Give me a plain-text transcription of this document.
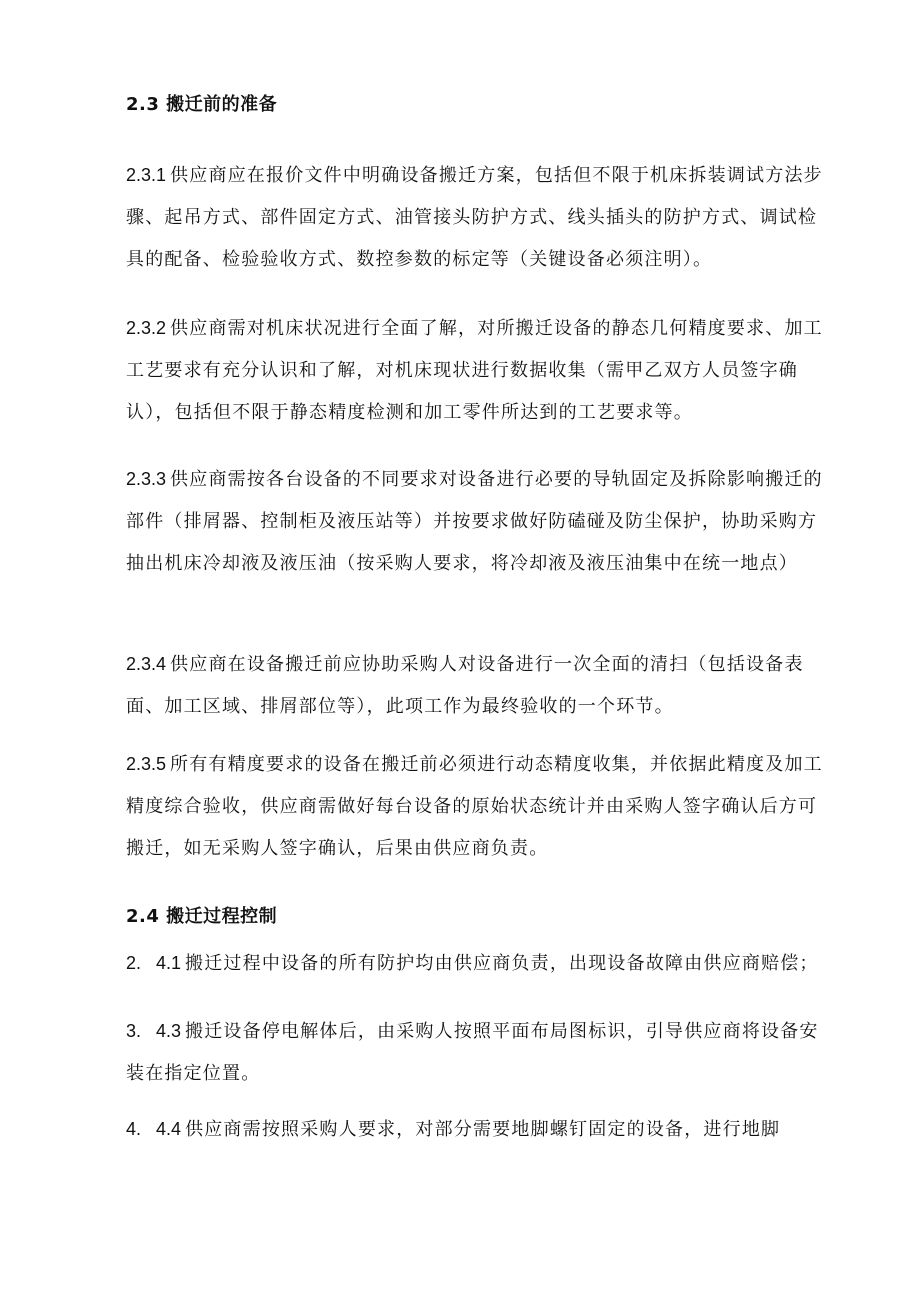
2.3 搬迁前的准备
2.3.1 供应商应在报价文件中明确设备搬迁方案，包括但不限于机床拆装调试方法步骤、起吊方式、部件固定方式、油管接头防护方式、线头插头的防护方式、调试检具的配备、检验验收方式、数控参数的标定等（关键设备必须注明）。
2.3.2 供应商需对机床状况进行全面了解，对所搬迁设备的静态几何精度要求、加工工艺要求有充分认识和了解，对机床现状进行数据收集（需甲乙双方人员签字确认），包括但不限于静态精度检测和加工零件所达到的工艺要求等。
2.3.3 供应商需按各台设备的不同要求对设备进行必要的导轨固定及拆除影响搬迁的部件（排屑器、控制柜及液压站等）并按要求做好防磕碰及防尘保护，协助采购方抽出机床冷却液及液压油（按采购人要求，将冷却液及液压油集中在统一地点）
2.3.4 供应商在设备搬迁前应协助采购人对设备进行一次全面的清扫（包括设备表面、加工区域、排屑部位等），此项工作为最终验收的一个环节。
2.3.5 所有有精度要求的设备在搬迁前必须进行动态精度收集，并依据此精度及加工精度综合验收，供应商需做好每台设备的原始状态统计并由采购人签字确认后方可搬迁，如无采购人签字确认，后果由供应商负责。
2.4 搬迁过程控制
2. 4.1 搬迁过程中设备的所有防护均由供应商负责，出现设备故障由供应商赔偿；
3. 4.3 搬迁设备停电解体后，由采购人按照平面布局图标识，引导供应商将设备安装在指定位置。
4. 4.4 供应商需按照采购人要求，对部分需要地脚螺钉固定的设备，进行地脚
